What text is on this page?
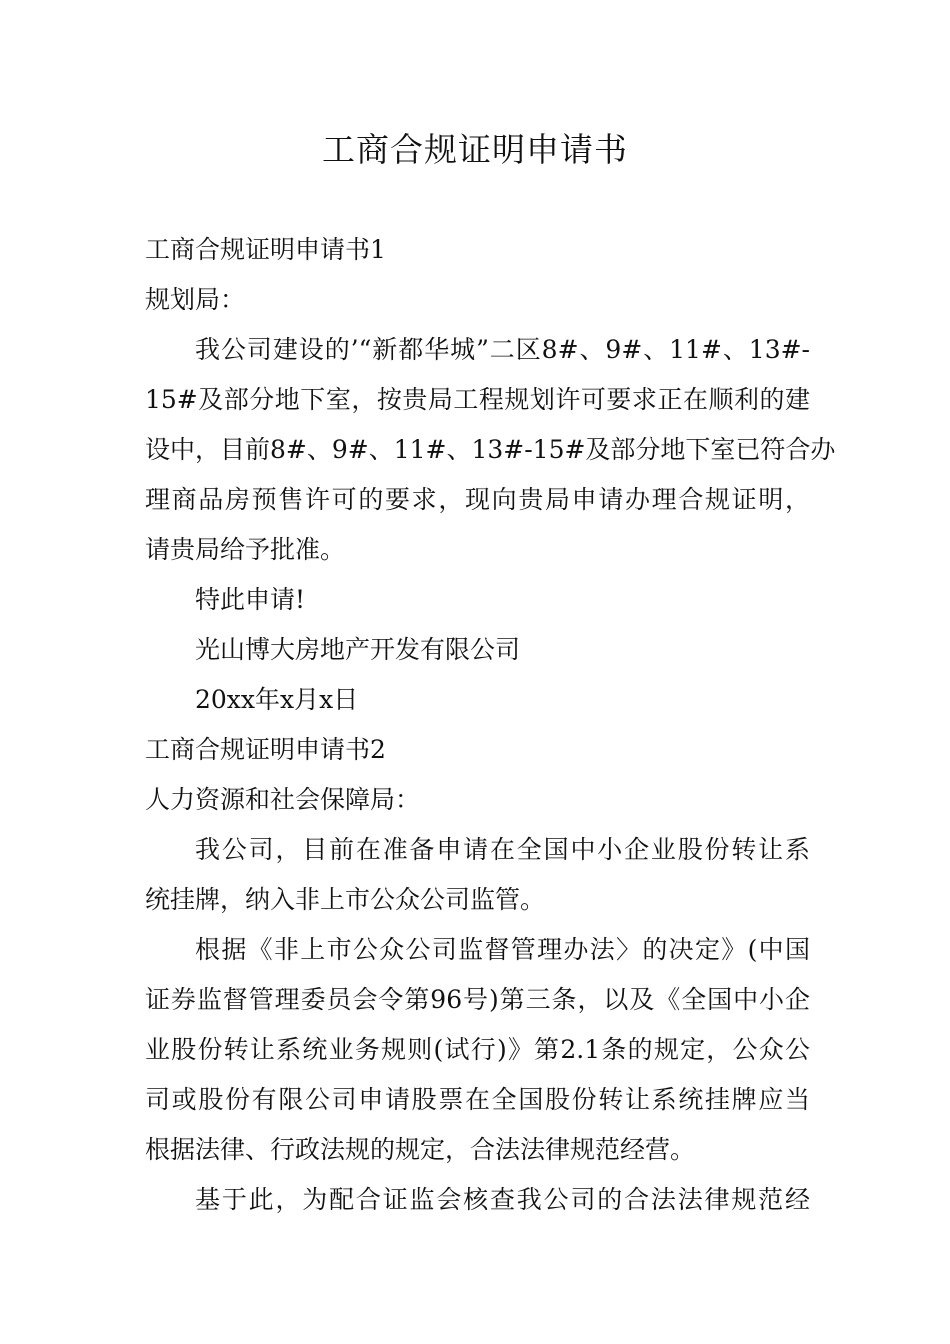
工商合规证明申请书
工商合规证明申请书1
规划局：
我公司建设的’“新都华城”二区8#、9#、11#、13#-
15#及部分地下室，按贵局工程规划许可要求正在顺利的建
设中，目前8#、9#、11#、13#-15#及部分地下室已符合办
理商品房预售许可的要求，现向贵局申请办理合规证明，
请贵局给予批准。
特此申请!
光山博大房地产开发有限公司
20xx年x月x日
工商合规证明申请书2
人力资源和社会保障局：
我公司，目前在准备申请在全国中小企业股份转让系
统挂牌，纳入非上市公众公司监管。
根据《非上市公众公司监督管理办法〉的决定》(中国
证券监督管理委员会令第96号)第三条，以及《全国中小企
业股份转让系统业务规则(试行)》第2.1条的规定，公众公
司或股份有限公司申请股票在全国股份转让系统挂牌应当
根据法律、行政法规的规定，合法法律规范经营。
基于此，为配合证监会核查我公司的合法法律规范经
